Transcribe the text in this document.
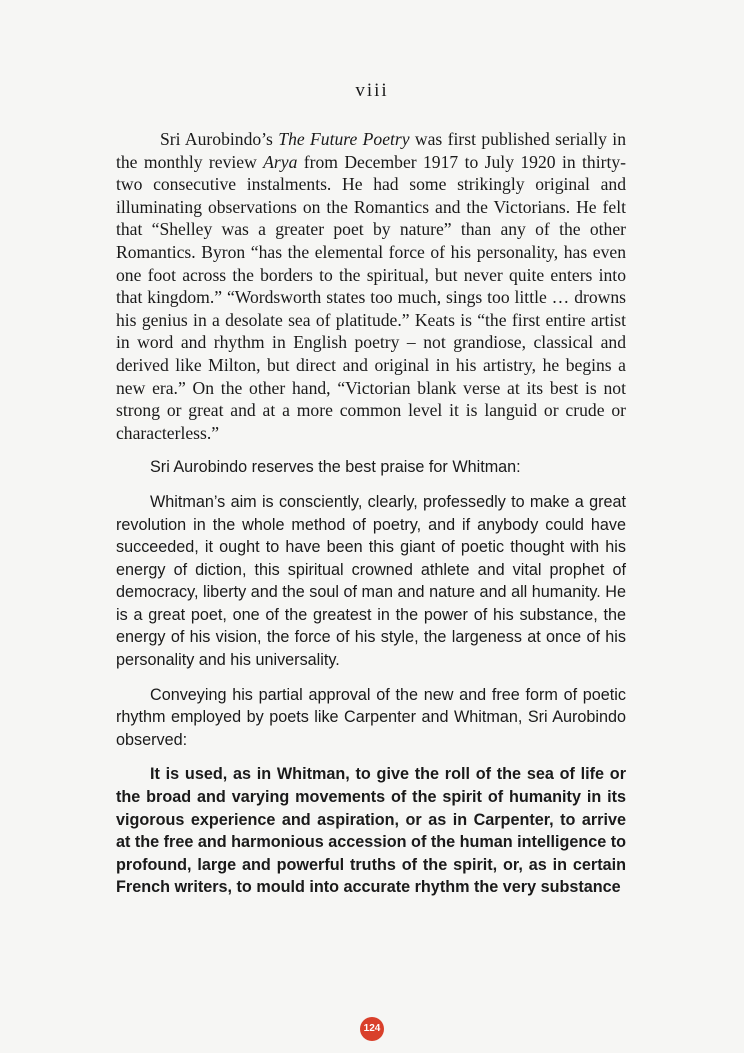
viii

Sri Aurobindo’s The Future Poetry was first published serially in the monthly review Arya from December 1917 to July 1920 in thirty-two consecutive instalments. He had some strikingly original and illuminating observations on the Romantics and the Victorians. He felt that “Shelley was a greater poet by nature” than any of the other Romantics. Byron “has the elemental force of his personality, has even one foot across the borders to the spiritual, but never quite enters into that kingdom.” “Wordsworth states too much, sings too little … drowns his genius in a desolate sea of platitude.” Keats is “the first entire artist in word and rhythm in English poetry – not grandiose, classical and derived like Milton, but direct and original in his artistry, he begins a new era.” On the other hand, “Victorian blank verse at its best is not strong or great and at a more common level it is languid or crude or characterless.”

Sri Aurobindo reserves the best praise for Whitman:

Whitman’s aim is consciently, clearly, professedly to make a great revolution in the whole method of poetry, and if anybody could have succeeded, it ought to have been this giant of poetic thought with his energy of diction, this spiritual crowned athlete and vital prophet of democracy, liberty and the soul of man and nature and all humanity. He is a great poet, one of the greatest in the power of his substance, the energy of his vision, the force of his style, the largeness at once of his personality and his universality.

Conveying his partial approval of the new and free form of poetic rhythm employed by poets like Carpenter and Whitman, Sri Aurobindo observed:

It is used, as in Whitman, to give the roll of the sea of life or the broad and varying movements of the spirit of humanity in its vigorous experience and aspiration, or as in Carpenter, to arrive at the free and harmonious accession of the human intelligence to profound, large and powerful truths of the spirit, or, as in certain French writers, to mould into accurate rhythm the very substance

124
